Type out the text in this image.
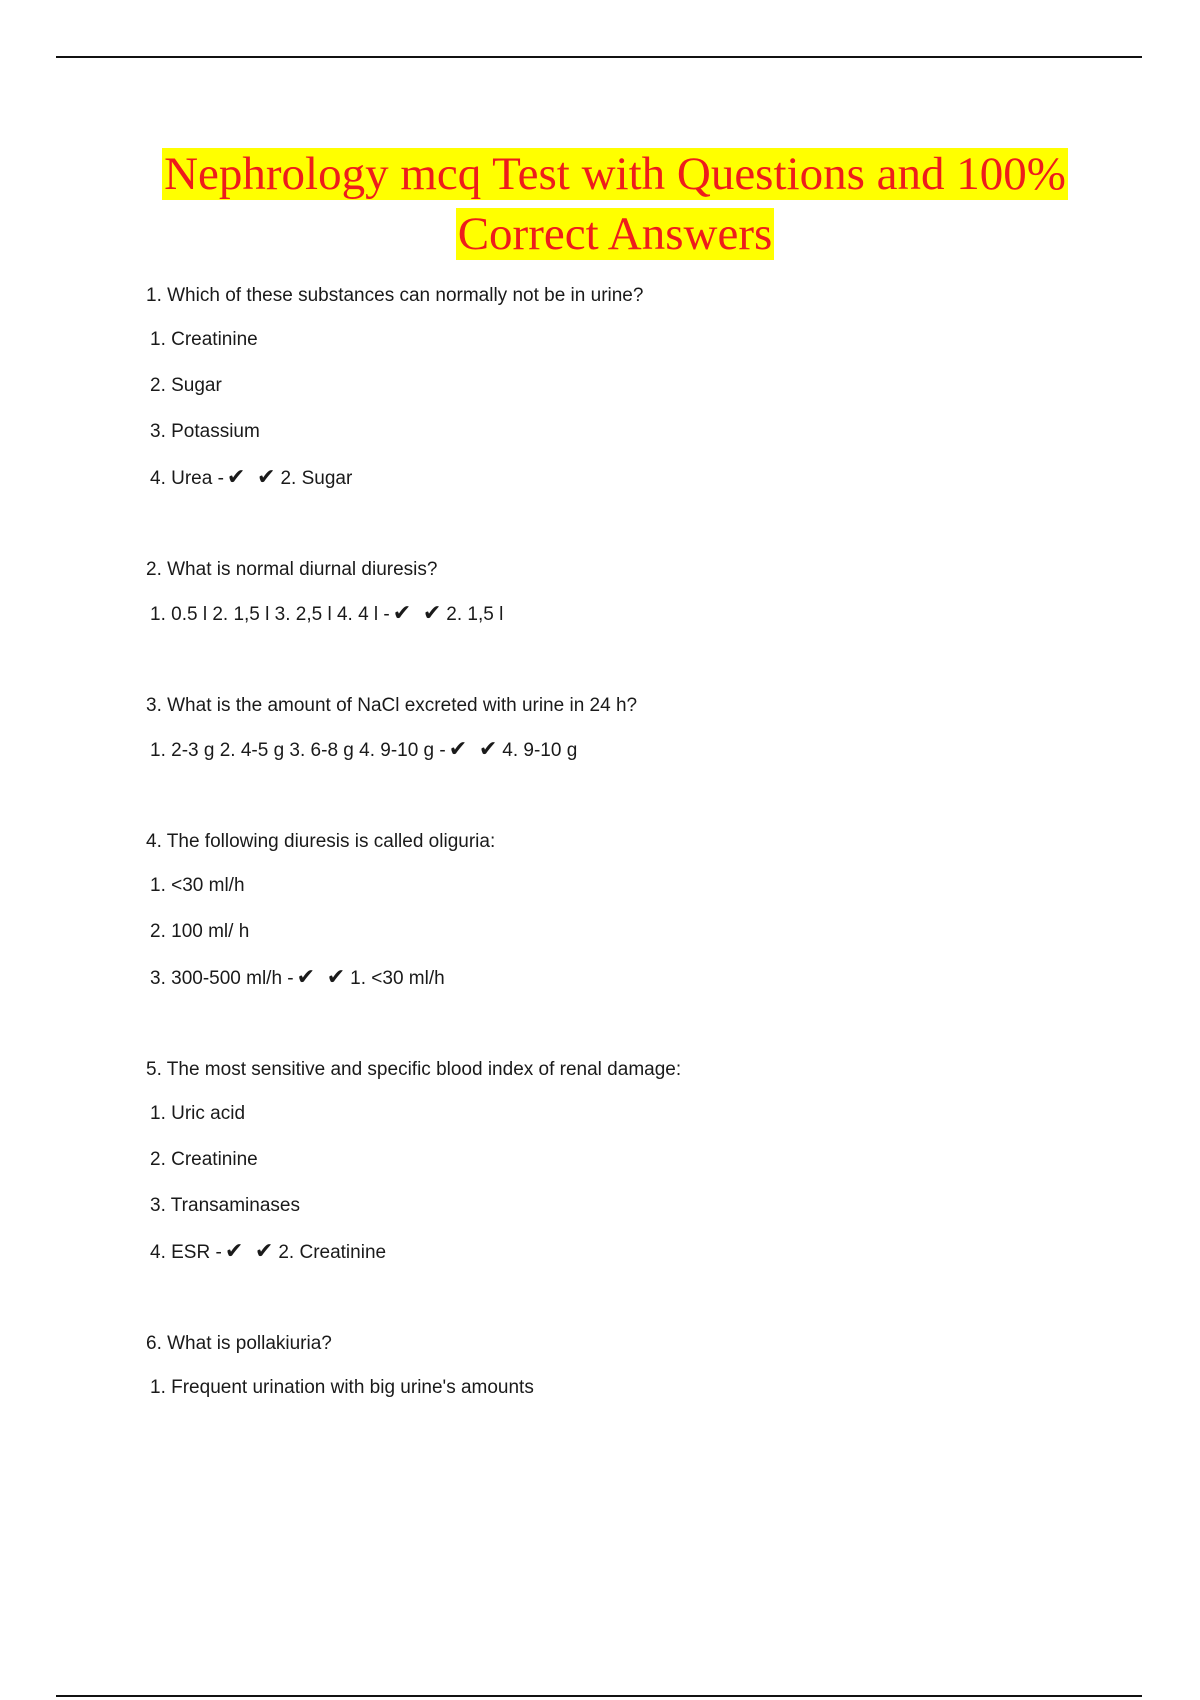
Nephrology mcq Test with Questions and 100%
Correct Answers
1. Which of these substances can normally not be in urine?
1. Creatinine
2. Sugar
3. Potassium
4. Urea - ✔ ✔ 2. Sugar
2. What is normal diurnal diuresis?
1. 0.5 l 2. 1,5 l 3. 2,5 l 4. 4 l - ✔ ✔ 2. 1,5 l
3. What is the amount of NaCl excreted with urine in 24 h?
1. 2-3 g 2. 4-5 g 3. 6-8 g 4. 9-10 g - ✔ ✔ 4. 9-10 g
4. The following diuresis is called oliguria:
1. <30 ml/h
2. 100 ml/ h
3. 300-500 ml/h - ✔ ✔ 1. <30 ml/h
5. The most sensitive and specific blood index of renal damage:
1. Uric acid
2. Creatinine
3. Transaminases
4. ESR - ✔ ✔ 2. Creatinine
6. What is pollakiuria?
1. Frequent urination with big urine's amounts
